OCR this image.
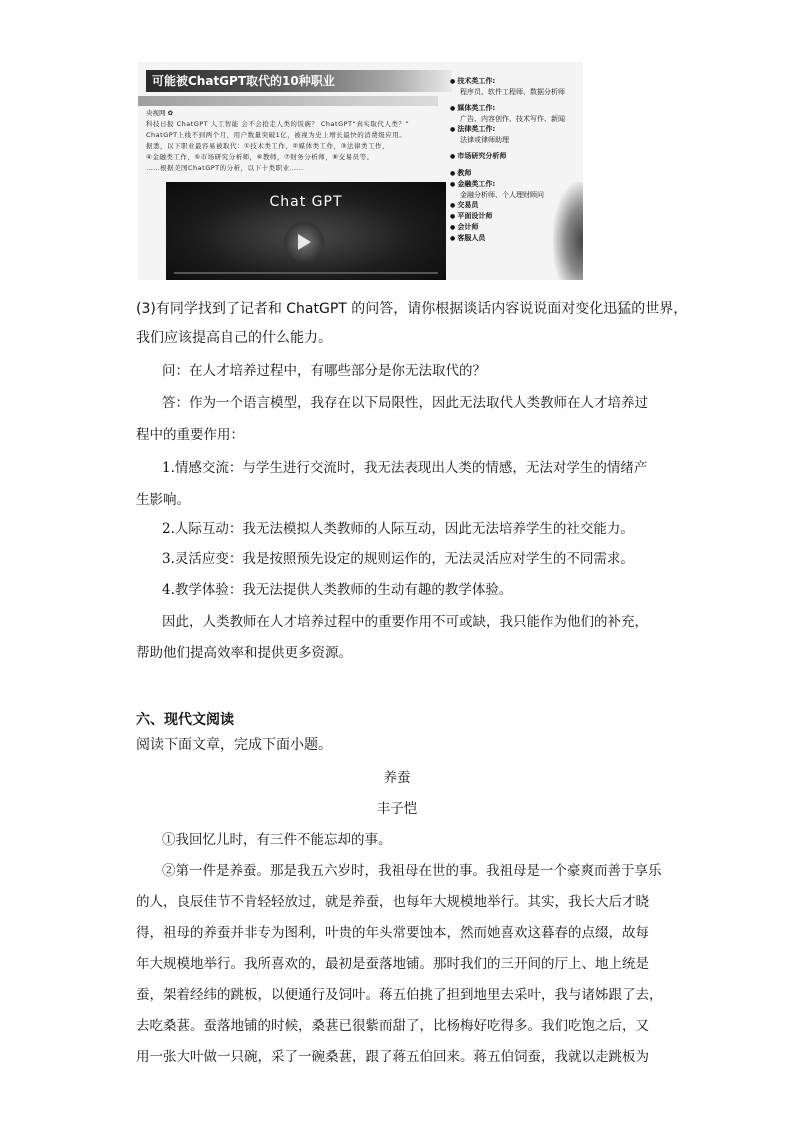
可能被ChatGPT取代的10种职业
央视网 ✿
科技日报 ChatGPT 人工智能 会不会抢走人类的饭碗？ ChatGPT“真实取代人类？”
ChatGPT上线不到两个月，用户数量突破1亿，被视为史上增长最快的消费级应用。
据悉，以下职业最容易被取代：①技术类工作，②媒体类工作，③法律类工作，
④金融类工作，⑤市场研究分析师，⑥教师，⑦财务分析师，⑧交易员等。
……根据美国ChatGPT的分析，以下十类职业……
Chat GPT
● 技术类工作:
程序员、软件工程师、数据分析师
● 媒体类工作:
广告、内容创作、技术写作、新闻
● 法律类工作:
法律或律师助理
● 市场研究分析师
● 教师
● 金融类工作:
金融分析师、个人理财顾问
● 交易员
● 平面设计师
● 会计师
● 客服人员
(3)有同学找到了记者和 ChatGPT 的问答，请你根据谈话内容说说面对变化迅猛的世界，
我们应该提高自己的什么能力。
问：在人才培养过程中，有哪些部分是你无法取代的？
答：作为一个语言模型，我存在以下局限性，因此无法取代人类教师在人才培养过
程中的重要作用：
1.情感交流：与学生进行交流时，我无法表现出人类的情感，无法对学生的情绪产
生影响。
2.人际互动：我无法模拟人类教师的人际互动，因此无法培养学生的社交能力。
3.灵活应变：我是按照预先设定的规则运作的，无法灵活应对学生的不同需求。
4.教学体验：我无法提供人类教师的生动有趣的教学体验。
因此，人类教师在人才培养过程中的重要作用不可或缺，我只能作为他们的补充，
帮助他们提高效率和提供更多资源。
六、现代文阅读
阅读下面文章，完成下面小题。
养蚕
丰子恺
①我回忆儿时，有三件不能忘却的事。
②第一件是养蚕。那是我五六岁时，我祖母在世的事。我祖母是一个豪爽而善于享乐
的人，良辰佳节不肯轻轻放过，就是养蚕，也每年大规模地举行。其实，我长大后才晓
得，祖母的养蚕并非专为图利，叶贵的年头常要蚀本，然而她喜欢这暮春的点缀，故每
年大规模地举行。我所喜欢的，最初是蚕落地铺。那时我们的三开间的厅上、地上统是
蚕，架着经纬的跳板，以便通行及饲叶。蒋五伯挑了担到地里去采叶，我与诸姊跟了去，
去吃桑葚。蚕落地铺的时候，桑葚已很紫而甜了，比杨梅好吃得多。我们吃饱之后，又
用一张大叶做一只碗，采了一碗桑葚，跟了蒋五伯回来。蒋五伯饲蚕，我就以走跳板为
